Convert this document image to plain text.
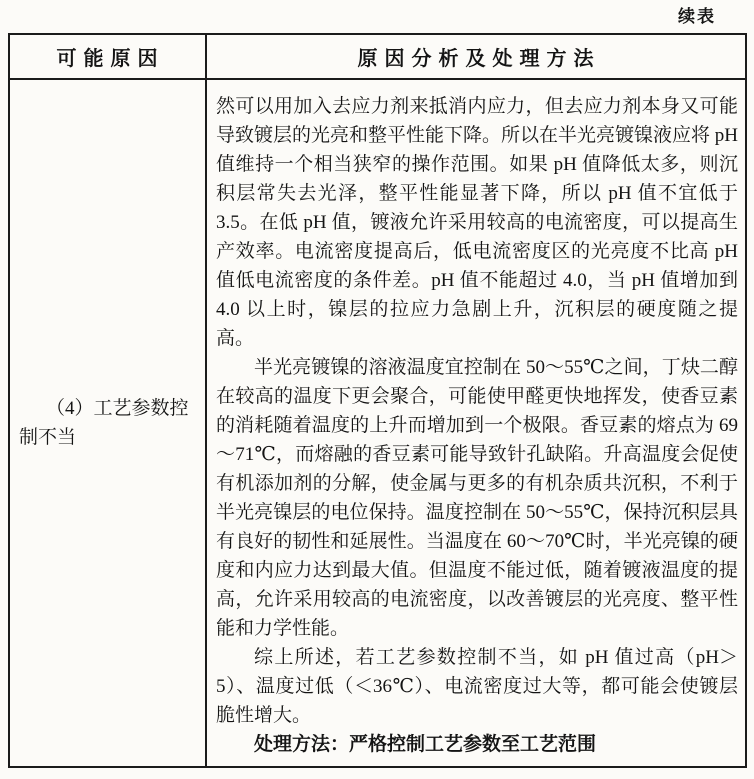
续表
可 能 原 因	原 因 分 析 及 处 理 方 法
（4）工艺参数控制不当

然可以用加入去应力剂来抵消内应力，但去应力剂本身又可能导致镀层的光亮和整平性能下降。所以在半光亮镀镍液应将 pH 值维持一个相当狭窄的操作范围。如果 pH 值降低太多，则沉积层常失去光泽，整平性能显著下降，所以 pH 值不宜低于 3.5。在低 pH 值，镀液允许采用较高的电流密度，可以提高生产效率。电流密度提高后，低电流密度区的光亮度不比高 pH 值低电流密度的条件差。pH 值不能超过 4.0，当 pH 值增加到 4.0 以上时，镍层的拉应力急剧上升，沉积层的硬度随之提高。

半光亮镀镍的溶液温度宜控制在 50～55℃之间，丁炔二醇在较高的温度下更会聚合，可能使甲醛更快地挥发，使香豆素的消耗随着温度的上升而增加到一个极限。香豆素的熔点为 69～71℃，而熔融的香豆素可能导致针孔缺陷。升高温度会促使有机添加剂的分解，使金属与更多的有机杂质共沉积，不利于半光亮镍层的电位保持。温度控制在 50～55℃，保持沉积层具有良好的韧性和延展性。当温度在 60～70℃时，半光亮镍的硬度和内应力达到最大值。但温度不能过低，随着镀液温度的提高，允许采用较高的电流密度，以改善镀层的光亮度、整平性能和力学性能。

综上所述，若工艺参数控制不当，如 pH 值过高（pH＞5）、温度过低（＜36℃）、电流密度过大等，都可能会使镀层脆性增大。

处理方法：严格控制工艺参数至工艺范围
